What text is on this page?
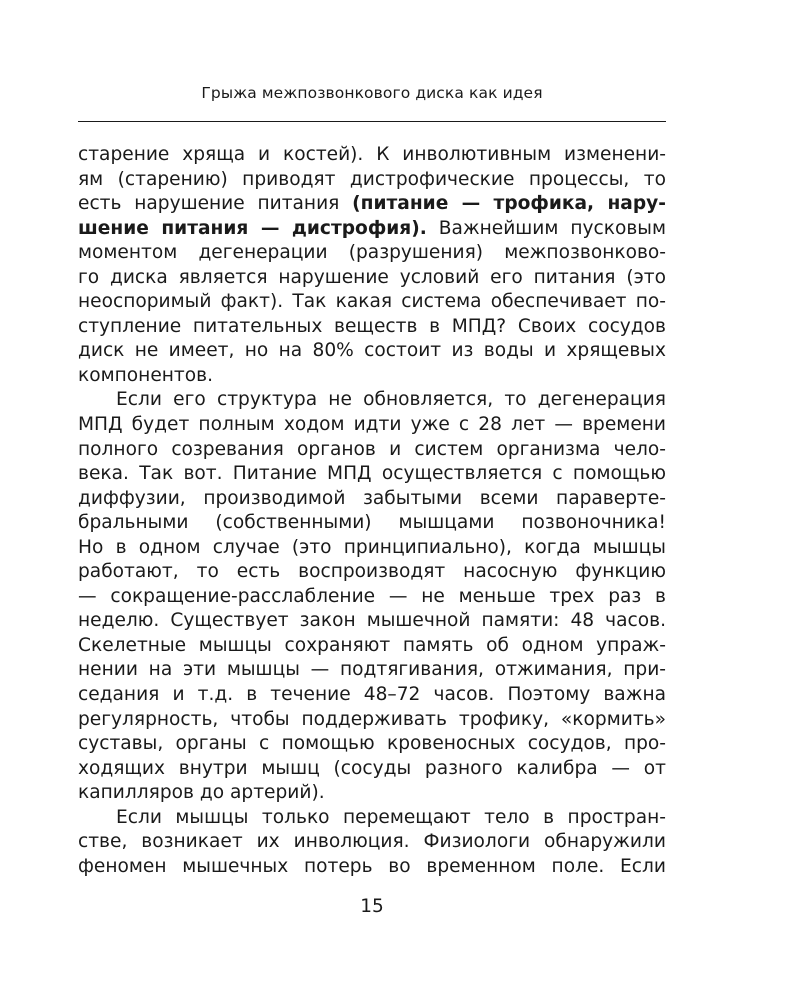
Грыжа межпозвонкового диска как идея
старение хряща и костей). К инволютивным изменени-
ям (старению) приводят дистрофические процессы, то
есть нарушение питания (питание — трофика, нару-
шение питания — дистрофия). Важнейшим пусковым
моментом дегенерации (разрушения) межпозвонково-
го диска является нарушение условий его питания (это
неоспоримый факт). Так какая система обеспечивает по-
ступление питательных веществ в МПД? Своих сосудов
диск не имеет, но на 80% состоит из воды и хрящевых
компонентов.
Если его структура не обновляется, то дегенерация
МПД будет полным ходом идти уже с 28 лет — времени
полного созревания органов и систем организма чело-
века. Так вот. Питание МПД осуществляется с помощью
диффузии, производимой забытыми всеми паравертe-
бральными (собственными) мышцами позвоночника!
Но в одном случае (это принципиально), когда мышцы
работают, то есть воспроизводят насосную функцию
— сокращение-расслабление — не меньше трех раз в
неделю. Существует закон мышечной памяти: 48 часов.
Скелетные мышцы сохраняют память об одном упраж-
нении на эти мышцы — подтягивания, отжимания, при-
седания и т.д. в течение 48–72 часов. Поэтому важна
регулярность, чтобы поддерживать трофику, «кормить»
суставы, органы с помощью кровеносных сосудов, про-
ходящих внутри мышц (сосуды разного калибра — от
капилляров до артерий).
Если мышцы только перемещают тело в простран-
стве, возникает их инволюция. Физиологи обнаружили
феномен мышечных потерь во временном поле. Если
15
